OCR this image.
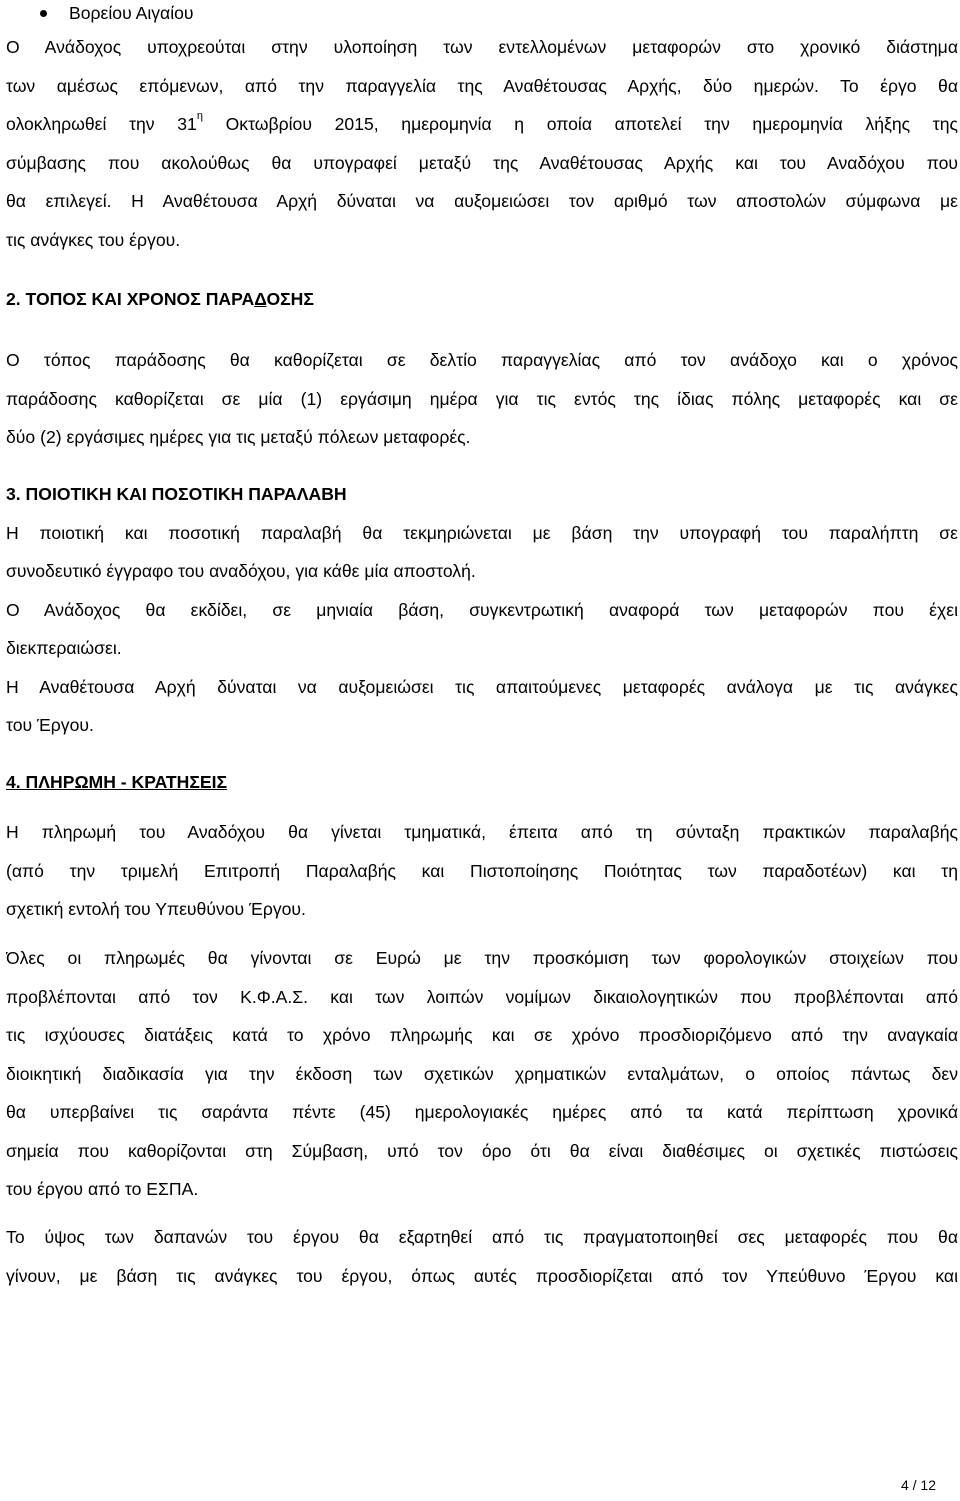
Βορείου Αιγαίου
Ο Ανάδοχος υποχρεούται στην υλοποίηση των εντελλομένων μεταφορών στο χρονικό διάστημα
των αμέσως επόμενων, από την παραγγελία της Αναθέτουσας Αρχής, δύο ημερών. Το έργο θα
ολοκληρωθεί την $31^\eta$ Οκτωβρίου 2015, ημερομηνία η οποία αποτελεί την ημερομηνία λήξης της
σύμβασης που ακολούθως θα υπογραφεί μεταξύ της Αναθέτουσας Αρχής και του Αναδόχου που
θα επιλεγεί. Η Αναθέτουσα Αρχή δύναται να αυξομειώσει τον αριθμό των αποστολών σύμφωνα με
τις ανάγκες του έργου.
2. ΤΟΠΟΣ ΚΑΙ ΧΡΟΝΟΣ ΠΑΡΑΔΟΣΗΣ
Ο τόπος παράδοσης θα καθορίζεται σε δελτίο παραγγελίας από τον ανάδοχο και ο χρόνος
παράδοσης καθορίζεται σε μία (1) εργάσιμη ημέρα για τις εντός της ίδιας πόλης μεταφορές και σε
δύο (2) εργάσιμες ημέρες για τις μεταξύ πόλεων μεταφορές.
3. ΠΟΙΟΤΙΚΗ ΚΑΙ ΠΟΣΟΤΙΚΗ ΠΑΡΑΛΑΒΗ
Η ποιοτική και ποσοτική παραλαβή θα τεκμηριώνεται με βάση την υπογραφή του παραλήπτη σε
συνοδευτικό έγγραφο του αναδόχου, για κάθε μία αποστολή.
Ο Ανάδοχος θα εκδίδει, σε μηνιαία βάση, συγκεντρωτική αναφορά των μεταφορών που έχει
διεκπεραιώσει.
Η Αναθέτουσα Αρχή δύναται να αυξομειώσει τις απαιτούμενες μεταφορές ανάλογα με τις ανάγκες
του Έργου.
4. ΠΛΗΡΩΜΗ - ΚΡΑΤΗΣΕΙΣ
Η πληρωμή του Αναδόχου θα γίνεται τμηματικά, έπειτα από τη σύνταξη πρακτικών παραλαβής
(από την τριμελή Επιτροπή Παραλαβής και Πιστοποίησης Ποιότητας των παραδοτέων) και τη
σχετική εντολή του Υπευθύνου Έργου.
Όλες οι πληρωμές θα γίνονται σε Ευρώ με την προσκόμιση των φορολογικών στοιχείων που
προβλέπονται από τον Κ.Φ.Α.Σ. και των λοιπών νομίμων δικαιολογητικών που προβλέπονται από
τις ισχύουσες διατάξεις κατά το χρόνο πληρωμής και σε χρόνο προσδιοριζόμενο από την αναγκαία
διοικητική διαδικασία για την έκδοση των σχετικών χρηματικών ενταλμάτων, ο οποίος πάντως δεν
θα υπερβαίνει τις σαράντα πέντε (45) ημερολογιακές ημέρες από τα κατά περίπτωση χρονικά
σημεία που καθορίζονται στη Σύμβαση, υπό τον όρο ότι θα είναι διαθέσιμες οι σχετικές πιστώσεις
του έργου από το ΕΣΠΑ.
Το ύψος των δαπανών του έργου θα εξαρτηθεί από τις πραγματοποιηθεί σες μεταφορές που θα
γίνουν, με βάση τις ανάγκες του έργου, όπως αυτές προσδιορίζεται από τον Υπεύθυνο Έργου και
4 / 12
